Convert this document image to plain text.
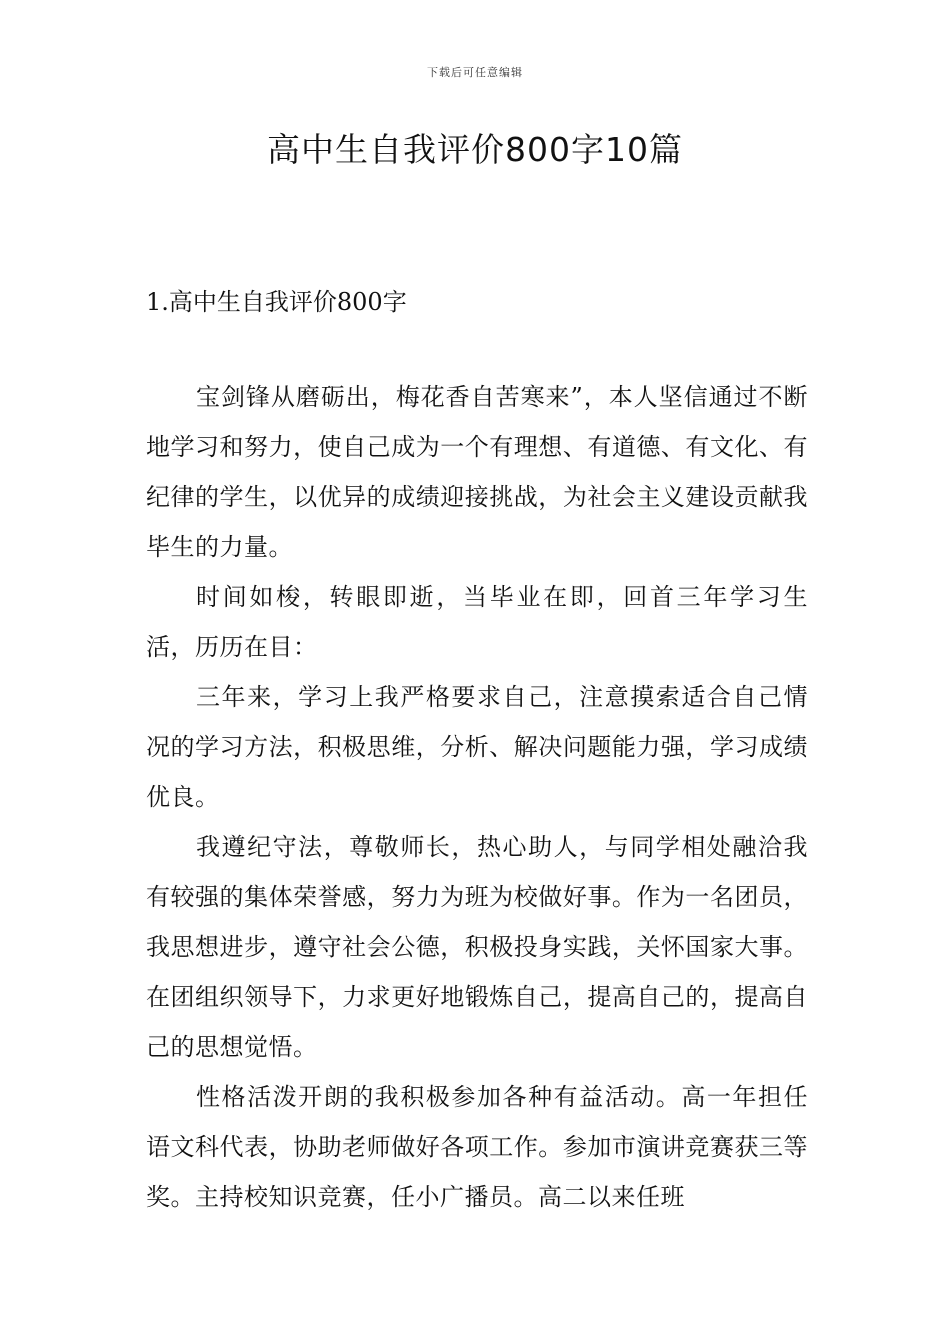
下载后可任意编辑
高中生自我评价800字10篇
1.高中生自我评价800字

宝剑锋从磨砺出，梅花香自苦寒来”，本人坚信通过不断地学习和努力，使自己成为一个有理想、有道德、有文化、有纪律的学生，以优异的成绩迎接挑战，为社会主义建设贡献我毕生的力量。

时间如梭，转眼即逝，当毕业在即，回首三年学习生活，历历在目：

三年来，学习上我严格要求自己，注意摸索适合自己情况的学习方法，积极思维，分析、解决问题能力强，学习成绩优良。

我遵纪守法，尊敬师长，热心助人，与同学相处融洽我有较强的集体荣誉感，努力为班为校做好事。作为一名团员，我思想进步，遵守社会公德，积极投身实践，关怀国家大事。在团组织领导下，力求更好地锻炼自己，提高自己的，提高自己的思想觉悟。

性格活泼开朗的我积极参加各种有益活动。高一年担任语文科代表，协助老师做好各项工作。参加市演讲竞赛获三等奖。主持校知识竞赛，任小广播员。高二以来任班
